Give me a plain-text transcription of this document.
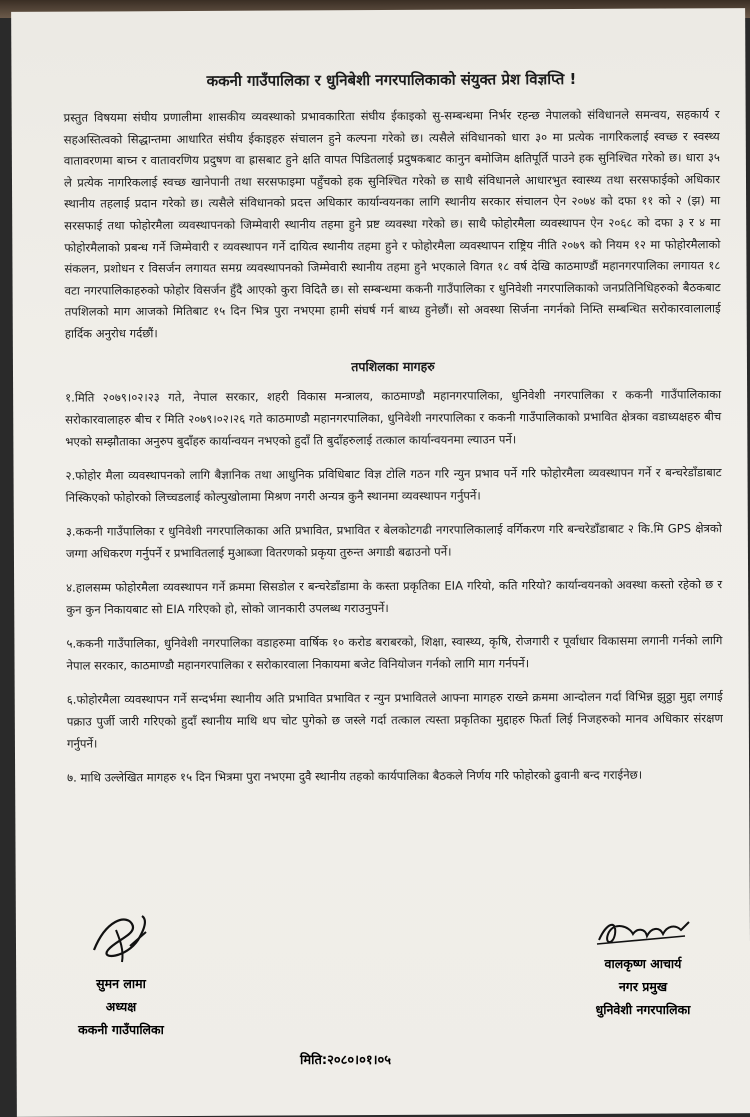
ककनी गाउँपालिका र धुनिबेशी नगरपालिकाको संयुक्त प्रेश विज्ञप्ति !

प्रस्तुत विषयमा संघीय प्रणालीमा शासकीय व्यवस्थाको प्रभावकारिता संघीय ईकाइको सु-सम्बन्धमा निर्भर रहन्छ नेपालको संविधानले समन्वय, सहकार्य र सहअस्तित्वको सिद्धान्तमा आधारित संघीय ईकाइहरु संचालन हुने कल्पना गरेको छ। त्यसैले संविधानको धारा ३० मा प्रत्येक नागरिकलाई स्वच्छ र स्वस्थ्य वातावरणमा बाच्न र वातावरणिय प्रदुषण वा ह्रासबाट हुने क्षति वापत पिडितलाई प्रदुषकबाट कानुन बमोजिम क्षतिपूर्ति पाउने हक सुनिश्चित गरेको छ। धारा ३५ ले प्रत्येक नागरिकलाई स्वच्छ खानेपानी तथा सरसफाइमा पहुँचको हक सुनिश्चित गरेको छ साथै संविधानले आधारभुत स्वास्थ्य तथा सरसफाईको अधिकार स्थानीय तहलाई प्रदान गरेको छ। त्यसैले संविधानको प्रदत्त अधिकार कार्यान्वयनका लागि स्थानीय सरकार संचालन ऐन २०७४ को दफा ११ को २ (झ) मा सरसफाई तथा फोहोरमैला व्यवस्थापनको जिम्मेवारी स्थानीय तहमा हुने प्रष्ट व्यवस्था गरेको छ। साथै फोहोरमैला व्यवस्थापन ऐन २०६८ को दफा ३ र ४ मा फोहोरमैलाको प्रबन्ध गर्ने जिम्मेवारी र व्यवस्थापन गर्ने दायित्व स्थानीय तहमा हुने र फोहोरमैला व्यवस्थापन राष्ट्रिय नीति २०७९ को नियम १२ मा फोहोरमैलाको संकलन, प्रशोधन र विसर्जन लगायत समग्र व्यवस्थापनको जिम्मेवारी स्थानीय तहमा हुने भएकाले विगत १८ वर्ष देखि काठमाण्डौं महानगरपालिका लगायत १८ वटा नगरपालिकाहरुको फोहोर विसर्जन हुँदै आएको कुरा विदितै छ। सो सम्बन्धमा ककनी गाउँपालिका र धुनिवेशी नगरपालिकाको जनप्रतिनिधिहरुको बैठकबाट तपशिलको माग आजको मितिबाट १५ दिन भित्र पुरा नभएमा हामी संघर्ष गर्न बाध्य हुनेछौं। सो अवस्था सिर्जना नगर्नको निम्ति सम्बन्धित सरोकारवालालाई हार्दिक अनुरोध गर्दछौं।

तपशिलका मागहरु

१.मिति २०७९।०२।२३ गते, नेपाल सरकार, शहरी विकास मन्त्रालय, काठमाण्डौ महानगरपालिका, धुनिवेशी नगरपालिका र ककनी गाउँपालिकाका सरोकारवालाहरु बीच र मिति २०७९।०२।२६ गते काठमाण्डौ महानगरपालिका, धुनिवेशी नगरपालिका र ककनी गाउँपालिकाको प्रभावित क्षेत्रका वडाध्यक्षहरु बीच भएको सम्झौताका अनुरुप बुदाँहरु कार्यान्वयन नभएको हुदाँ ति बुदाँहरुलाई तत्काल कार्यान्वयनमा ल्याउन पर्ने।

२.फोहोर मैला व्यवस्थापनको लागि बैज्ञानिक तथा आधुनिक प्रविधिबाट विज्ञ टोलि गठन गरि न्युन प्रभाव पर्ने गरि फोहोरमैला व्यवस्थापन गर्ने र बन्चरेडाँडाबाट निस्किएको फोहोरको लिच्चडलाई कोल्पुखोलामा मिश्रण नगरी अन्यत्र कुनै स्थानमा व्यवस्थापन गर्नुपर्ने।

३.ककनी गाउँपालिका र धुनिवेशी नगरपालिकाका अति प्रभावित, प्रभावित र बेलकोटगढी नगरपालिकालाई वर्गिकरण गरि बन्चरेडाँडाबाट २ कि.मि GPS क्षेत्रको जग्गा अधिकरण गर्नुपर्ने र प्रभावितलाई मुआब्जा वितरणको प्रकृया तुरुन्त अगाडी बढाउनो पर्ने।

४.हालसम्म फोहोरमैला व्यवस्थापन गर्ने क्रममा सिसडोल र बन्चरेडाँडामा के कस्ता प्रकृतिका EIA गरियो, कति गरियो? कार्यान्वयनको अवस्था कस्तो रहेको छ र कुन कुन निकायबाट सो EIA गरिएको हो, सोको जानकारी उपलब्ध गराउनुपर्ने।

५.ककनी गाउँपालिका, धुनिवेशी नगरपालिका वडाहरुमा वार्षिक १० करोड बराबरको, शिक्षा, स्वास्थ्य, कृषि, रोजगारी र पूर्वाधार विकासमा लगानी गर्नको लागि नेपाल सरकार, काठमाण्डौ महानगरपालिका र सरोकारवाला निकायमा बजेट विनियोजन गर्नको लागि माग गर्नपर्ने।

६.फोहोरमैला व्यवस्थापन गर्ने सन्दर्भमा स्थानीय अति प्रभावित प्रभावित र न्युन प्रभावितले आफ्ना मागहरु राख्ने क्रममा आन्दोलन गर्दा विभिन्न झुठ्ठा मुद्दा लगाई पक्राउ पुर्जी जारी गरिएको हुदाँ स्थानीय माथि थप चोट पुगेको छ जस्ले गर्दा तत्काल त्यस्ता प्रकृतिका मुद्दाहरु फिर्ता लिई निजहरुको मानव अधिकार संरक्षण गर्नुपर्ने।

७. माथि उल्लेखित मागहरु १५ दिन भित्रमा पुरा नभएमा दुवै स्थानीय तहको कार्यपालिका बैठकले निर्णय गरि फोहोरको ढुवानी बन्द गराईनेछ।

सुमन लामा
अध्यक्ष
ककनी गाउँपालिका
वालकृष्ण आचार्य
नगर प्रमुख
धुनिवेशी नगरपालिका
मिति:२०८०।०१।०५
